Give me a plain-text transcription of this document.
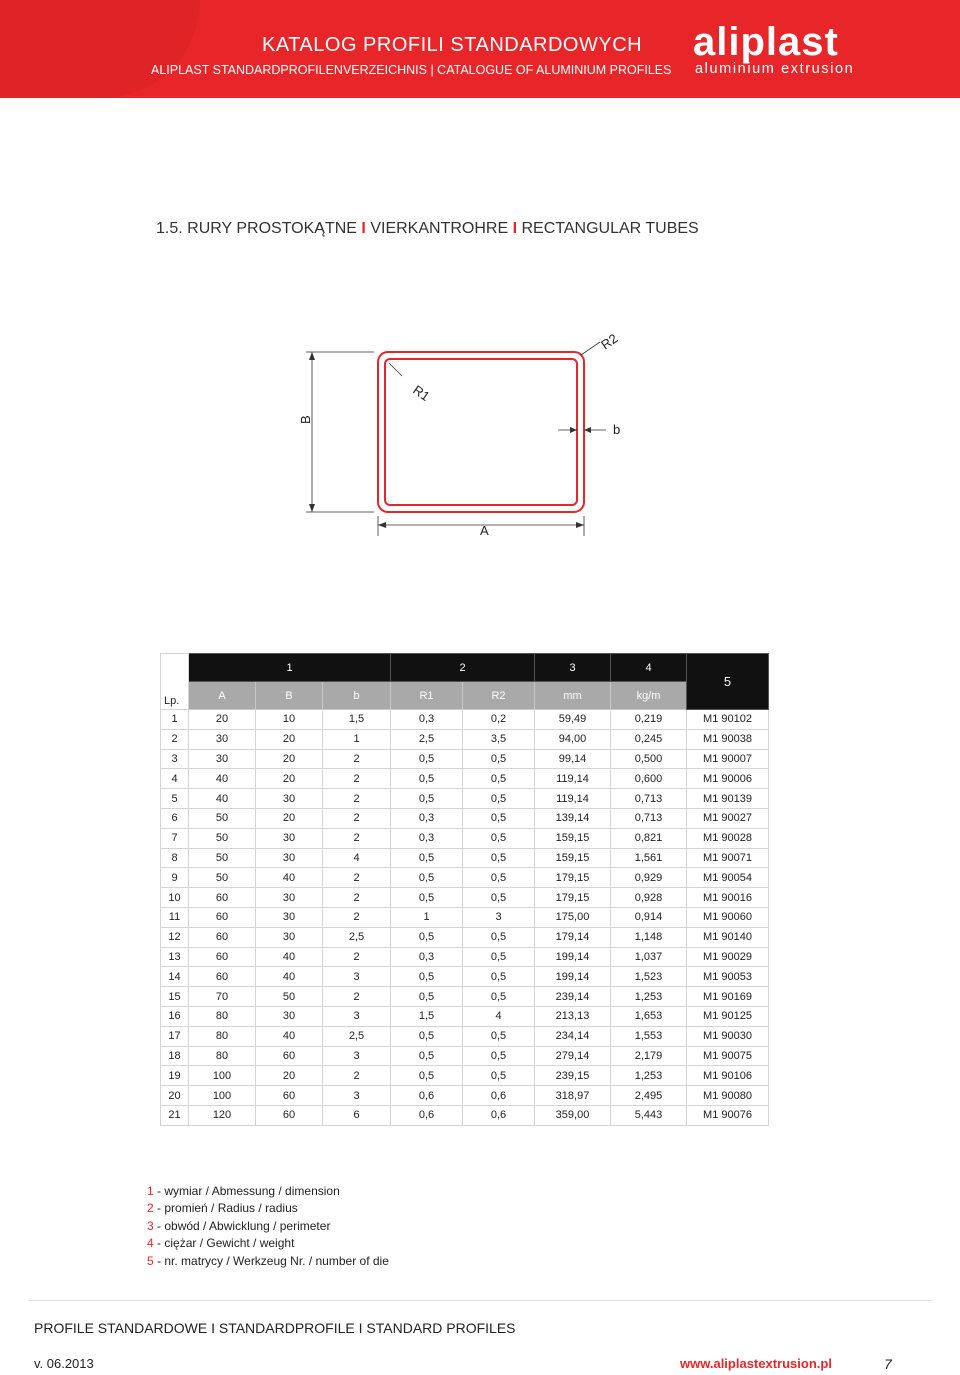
KATALOG PROFILI STANDARDOWYCH
ALIPLAST STANDARDPROFILENVERZEICHNIS | CATALOGUE OF ALUMINIUM PROFILES
aliplast
aluminium extrusion
1.5. RURY PROSTOKĄTNE I VIERKANTROHRE I RECTANGULAR TUBES
B
A
b
R1
R2
Lp.	1			2		3	4	5
	A	B	b	R1	R2	mm	kg/m	
1	20	10	1,5	0,3	0,2	59,49	0,219	M1 90102
2	30	20	1	2,5	3,5	94,00	0,245	M1 90038
3	30	20	2	0,5	0,5	99,14	0,500	M1 90007
4	40	20	2	0,5	0,5	119,14	0,600	M1 90006
5	40	30	2	0,5	0,5	119,14	0,713	M1 90139
6	50	20	2	0,3	0,5	139,14	0,713	M1 90027
7	50	30	2	0,3	0,5	159,15	0,821	M1 90028
8	50	30	4	0,5	0,5	159,15	1,561	M1 90071
9	50	40	2	0,5	0,5	179,15	0,929	M1 90054
10	60	30	2	0,5	0,5	179,15	0,928	M1 90016
11	60	30	2	1	3	175,00	0,914	M1 90060
12	60	30	2,5	0,5	0,5	179,14	1,148	M1 90140
13	60	40	2	0,3	0,5	199,14	1,037	M1 90029
14	60	40	3	0,5	0,5	199,14	1,523	M1 90053
15	70	50	2	0,5	0,5	239,14	1,253	M1 90169
16	80	30	3	1,5	4	213,13	1,653	M1 90125
17	80	40	2,5	0,5	0,5	234,14	1,553	M1 90030
18	80	60	3	0,5	0,5	279,14	2,179	M1 90075
19	100	20	2	0,5	0,5	239,15	1,253	M1 90106
20	100	60	3	0,6	0,6	318,97	2,495	M1 90080
21	120	60	6	0,6	0,6	359,00	5,443	M1 90076
1 - wymiar / Abmessung / dimension
2 - promień / Radius / radius
3 - obwód / Abwicklung / perimeter
4 - ciężar / Gewicht / weight
5 - nr. matrycy / Werkzeug Nr. / number of die
PROFILE STANDARDOWE I STANDARDPROFILE I STANDARD PROFILES
v. 06.2013	www.aliplastextrusion.pl	7
